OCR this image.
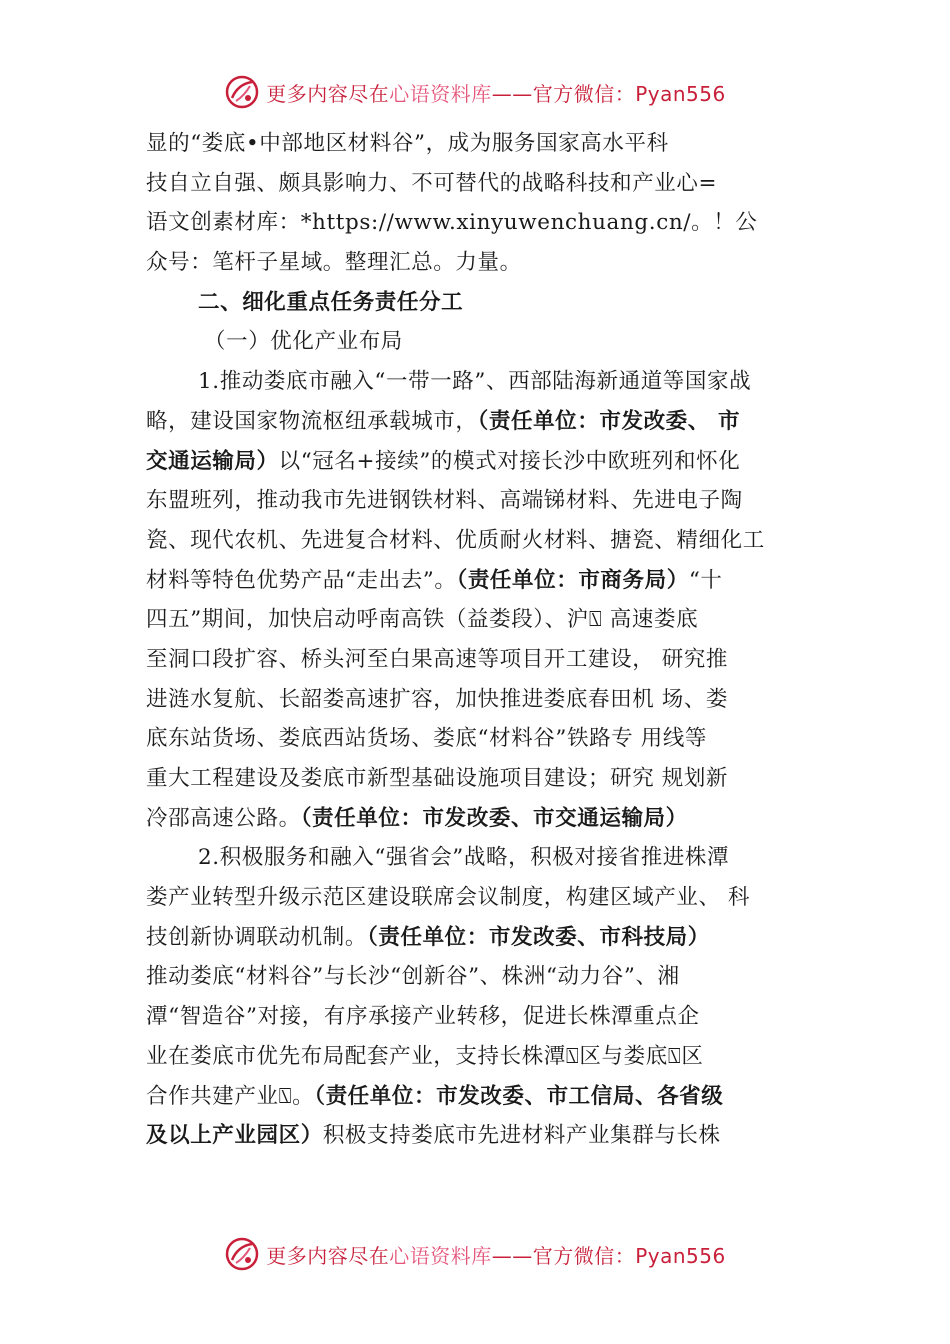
更多内容尽在心语资料库——官方微信：Pyan556
显的“娄底•中部地区材料谷”，成为服务国家高水平科
技自立自强、颇具影响力、不可替代的战略科技和产业心=
语文创素材库：*https://www.xinyuwenchuang.cn/。！公
众号：笔杆子星域。整理汇总。力量。
二、细化重点任务责任分工
（一）优化产业布局
1.推动娄底市融入“一带一路”、西部陆海新通道等国家战
略，建设国家物流枢纽承载城市，（责任单位：市发改委、 市
交通运输局）以“冠名+接续”的模式对接长沙中欧班列和怀化
东盟班列，推动我市先进钢铁材料、高端锑材料、先进电子陶
瓷、现代农机、先进复合材料、优质耐火材料、搪瓷、精细化工
材料等特色优势产品“走出去”。（责任单位：市商务局）“十
四五”期间，加快启动呼南高铁（益娄段）、沪⍂ 高速娄底
至洞口段扩容、桥头河至白果高速等项目开工建设， 研究推
进涟水复航、长韶娄高速扩容，加快推进娄底春田机 场、娄
底东站货场、娄底西站货场、娄底“材料谷”铁路专 用线等
重大工程建设及娄底市新型基础设施项目建设；研究 规划新
冷邵高速公路。（责任单位：市发改委、市交通运输局）
2.积极服务和融入“强省会”战略，积极对接省推进株潭
娄产业转型升级示范区建设联席会议制度，构建区域产业、 科
技创新协调联动机制。（责任单位：市发改委、市科技局）
推动娄底“材料谷”与长沙“创新谷”、株洲“动力谷”、湘
潭“智造谷”对接，有序承接产业转移，促进长株潭重点企
业在娄底市优先布局配套产业，支持长株潭⍂区与娄底⍂区
合作共建产业⍂。（责任单位：市发改委、市工信局、各省级
及以上产业园区）积极支持娄底市先进材料产业集群与长株
更多内容尽在心语资料库——官方微信：Pyan556
